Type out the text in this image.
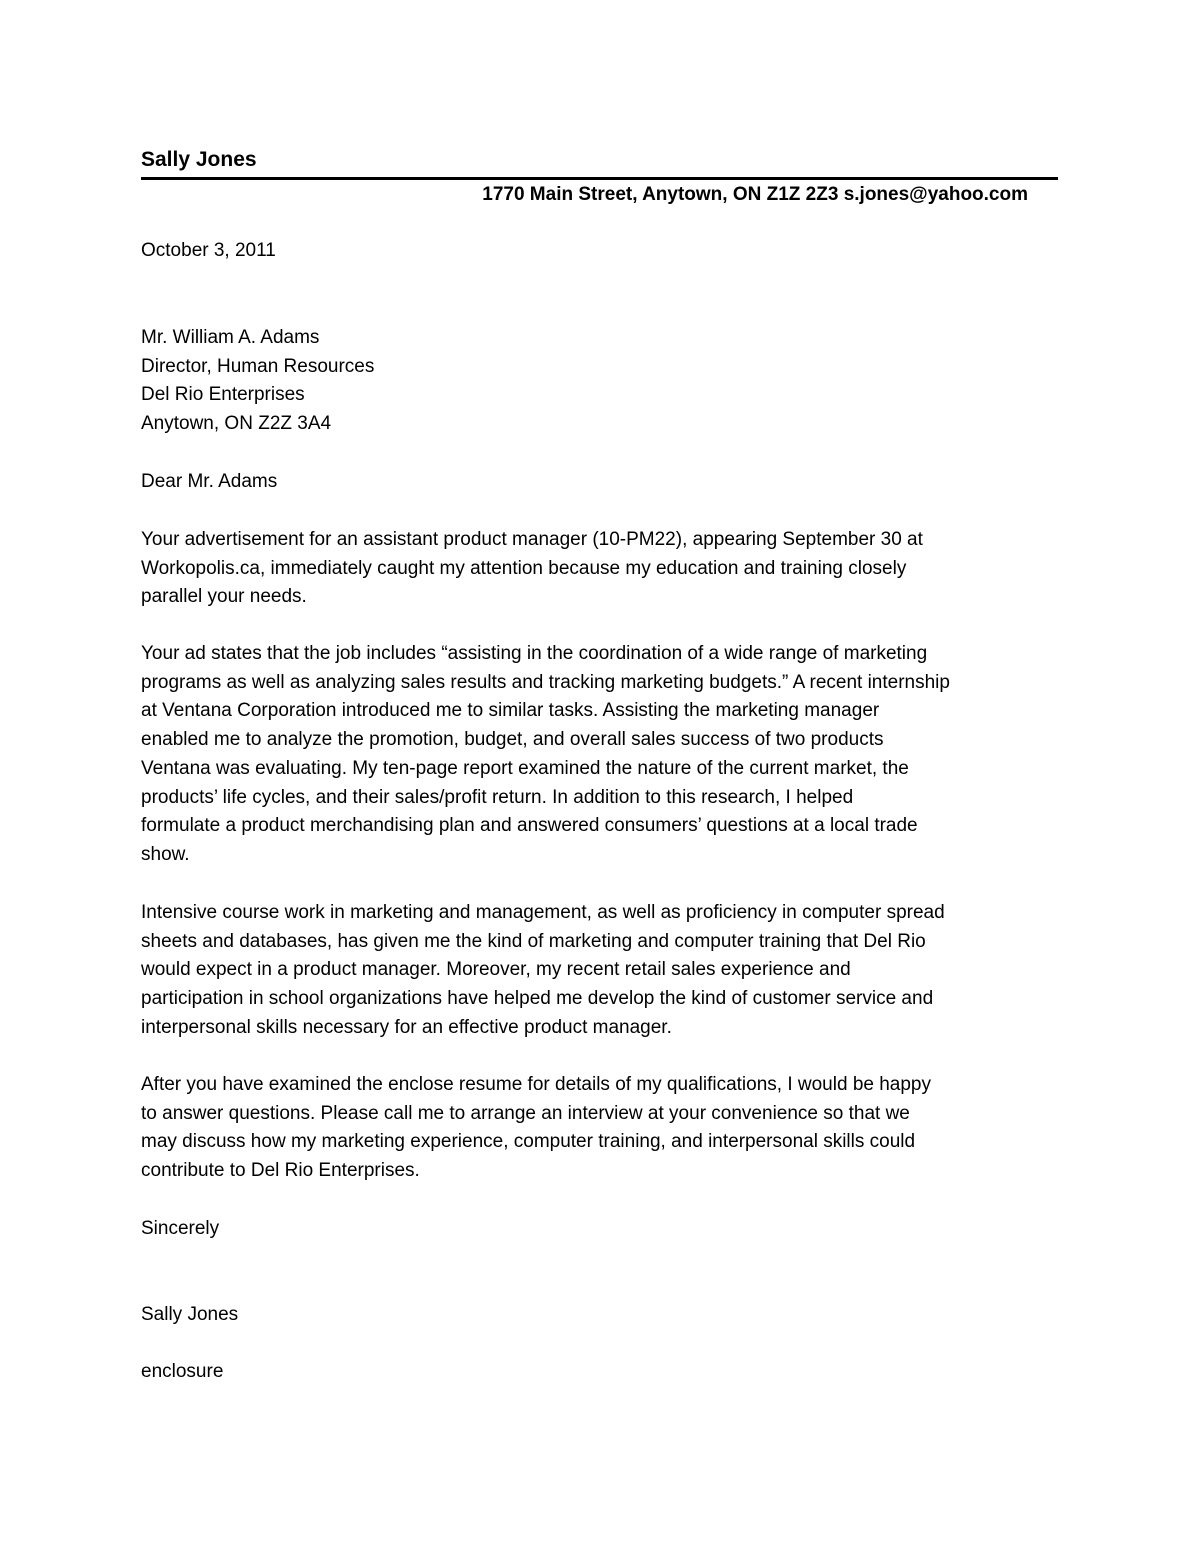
Sally Jones
1770 Main Street, Anytown, ON Z1Z 2Z3 s.jones@yahoo.com
October 3, 2011
Mr. William A. Adams
Director, Human Resources
Del Rio Enterprises
Anytown, ON Z2Z 3A4
Dear Mr. Adams
Your advertisement for an assistant product manager (10-PM22), appearing September 30 at
Workopolis.ca, immediately caught my attention because my education and training closely
parallel your needs.
Your ad states that the job includes “assisting in the coordination of a wide range of marketing
programs as well as analyzing sales results and tracking marketing budgets.” A recent internship
at Ventana Corporation introduced me to similar tasks. Assisting the marketing manager
enabled me to analyze the promotion, budget, and overall sales success of two products
Ventana was evaluating. My ten-page report examined the nature of the current market, the
products’ life cycles, and their sales/profit return. In addition to this research, I helped
formulate a product merchandising plan and answered consumers’ questions at a local trade
show.
Intensive course work in marketing and management, as well as proficiency in computer spread
sheets and databases, has given me the kind of marketing and computer training that Del Rio
would expect in a product manager. Moreover, my recent retail sales experience and
participation in school organizations have helped me develop the kind of customer service and
interpersonal skills necessary for an effective product manager.
After you have examined the enclose resume for details of my qualifications, I would be happy
to answer questions. Please call me to arrange an interview at your convenience so that we
may discuss how my marketing experience, computer training, and interpersonal skills could
contribute to Del Rio Enterprises.
Sincerely
Sally Jones
enclosure
